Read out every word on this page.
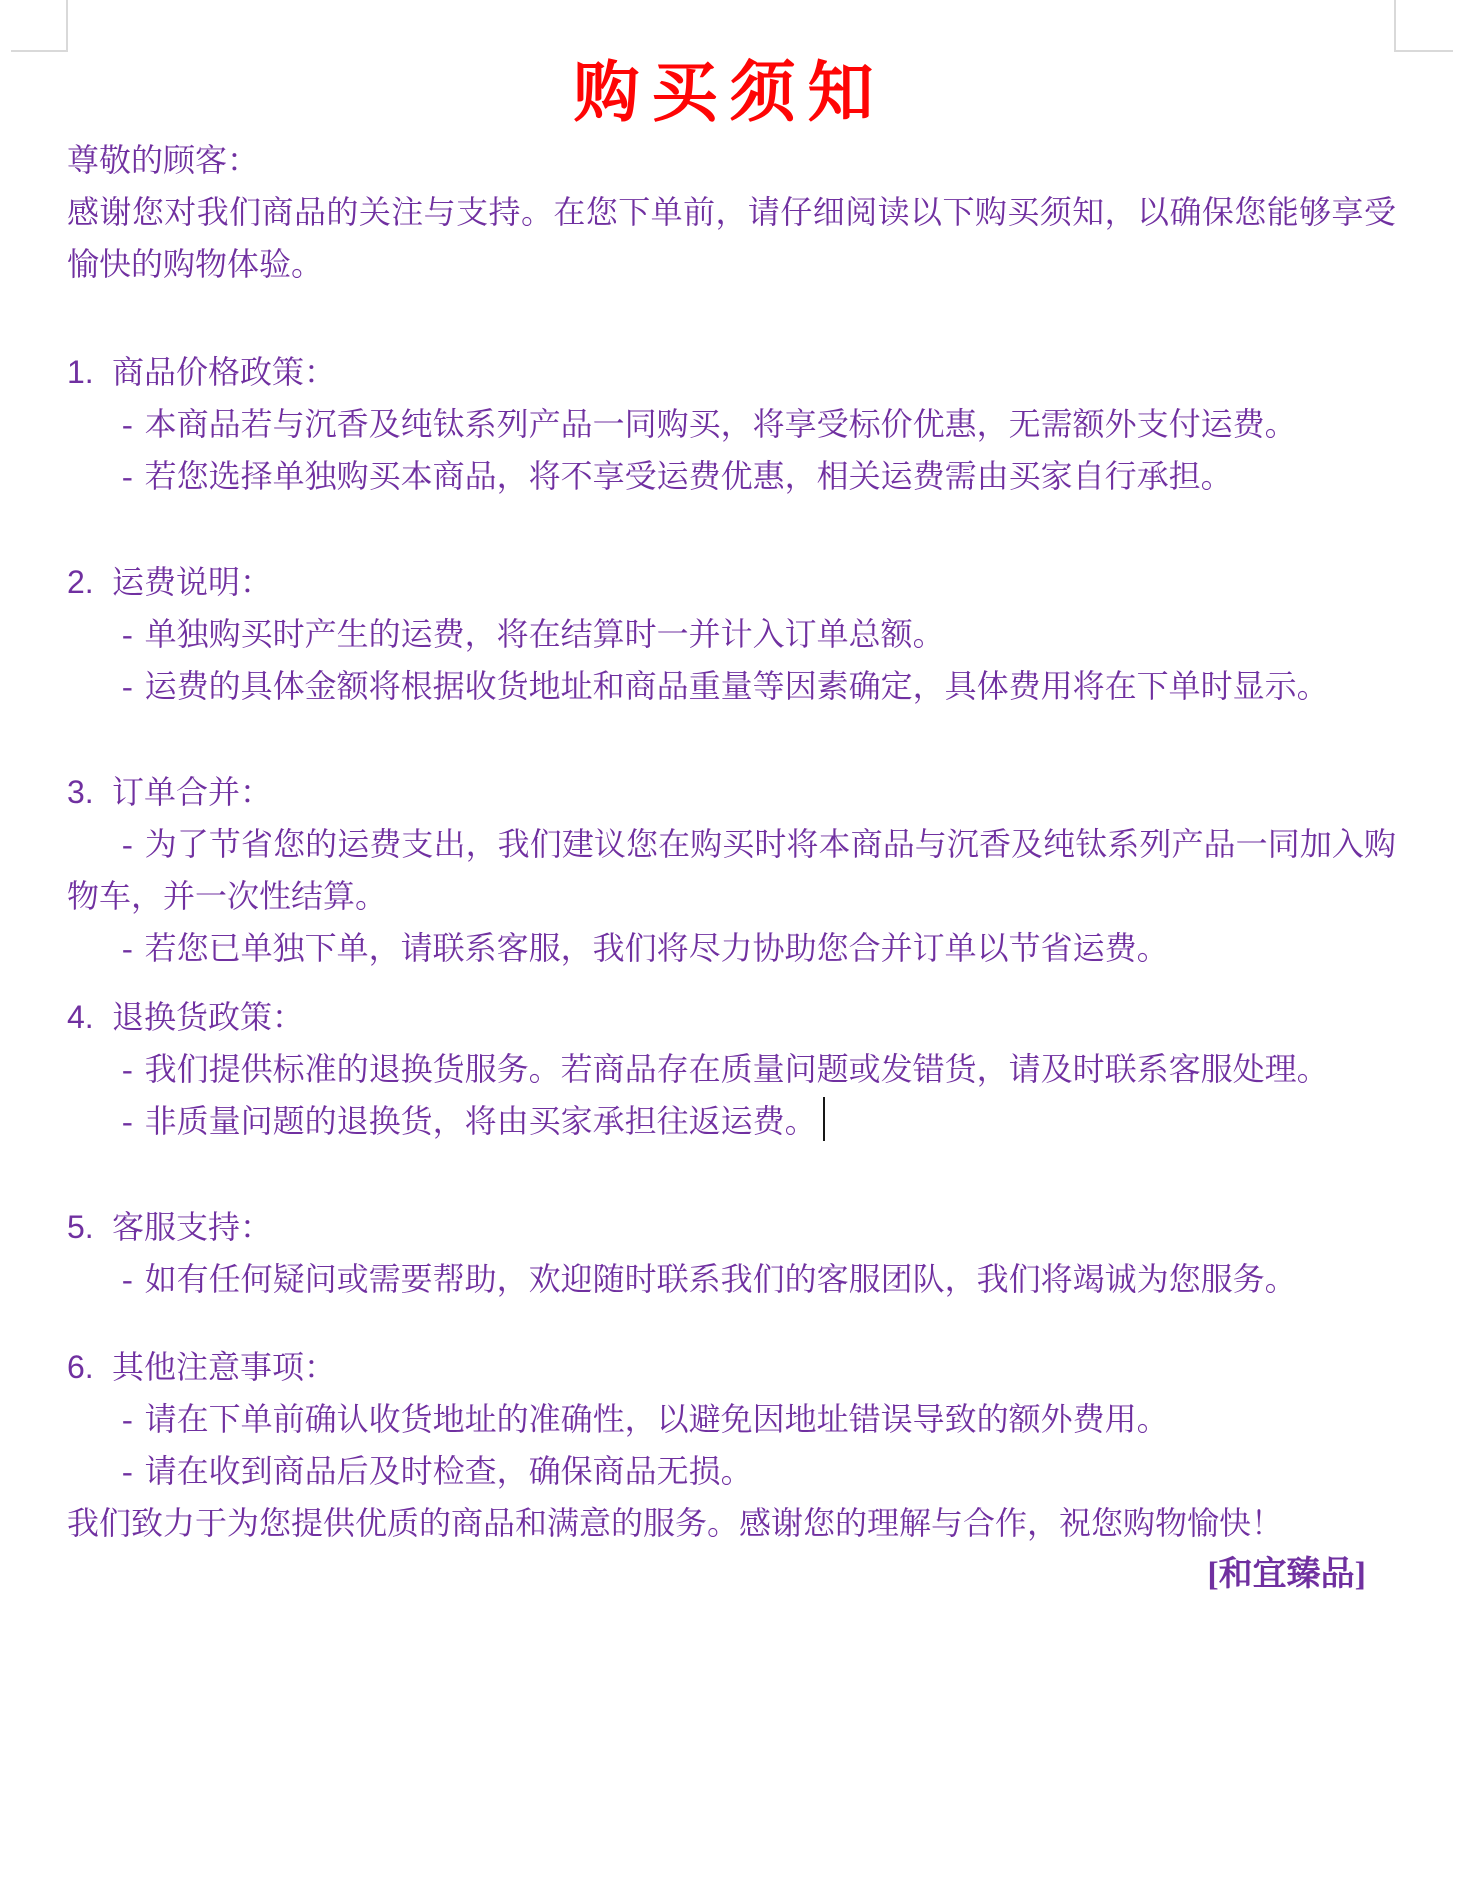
购买须知

尊敬的顾客：

感谢您对我们商品的关注与支持。在您下单前，请仔细阅读以下购买须知，以确保您能够享受愉快的购物体验。

1. 商品价格政策：

- 本商品若与沉香及纯钛系列产品一同购买，将享受标价优惠，无需额外支付运费。

- 若您选择单独购买本商品，将不享受运费优惠，相关运费需由买家自行承担。

2. 运费说明：

- 单独购买时产生的运费，将在结算时一并计入订单总额。

- 运费的具体金额将根据收货地址和商品重量等因素确定，具体费用将在下单时显示。

3. 订单合并：

- 为了节省您的运费支出，我们建议您在购买时将本商品与沉香及纯钛系列产品一同加入购物车，并一次性结算。

- 若您已单独下单，请联系客服，我们将尽力协助您合并订单以节省运费。

4. 退换货政策：

- 我们提供标准的退换货服务。若商品存在质量问题或发错货，请及时联系客服处理。

- 非质量问题的退换货，将由买家承担往返运费。

5. 客服支持：

- 如有任何疑问或需要帮助，欢迎随时联系我们的客服团队，我们将竭诚为您服务。

6. 其他注意事项：

- 请在下单前确认收货地址的准确性，以避免因地址错误导致的额外费用。

- 请在收到商品后及时检查，确保商品无损。

我们致力于为您提供优质的商品和满意的服务。感谢您的理解与合作，祝您购物愉快！

[和宜臻品]
